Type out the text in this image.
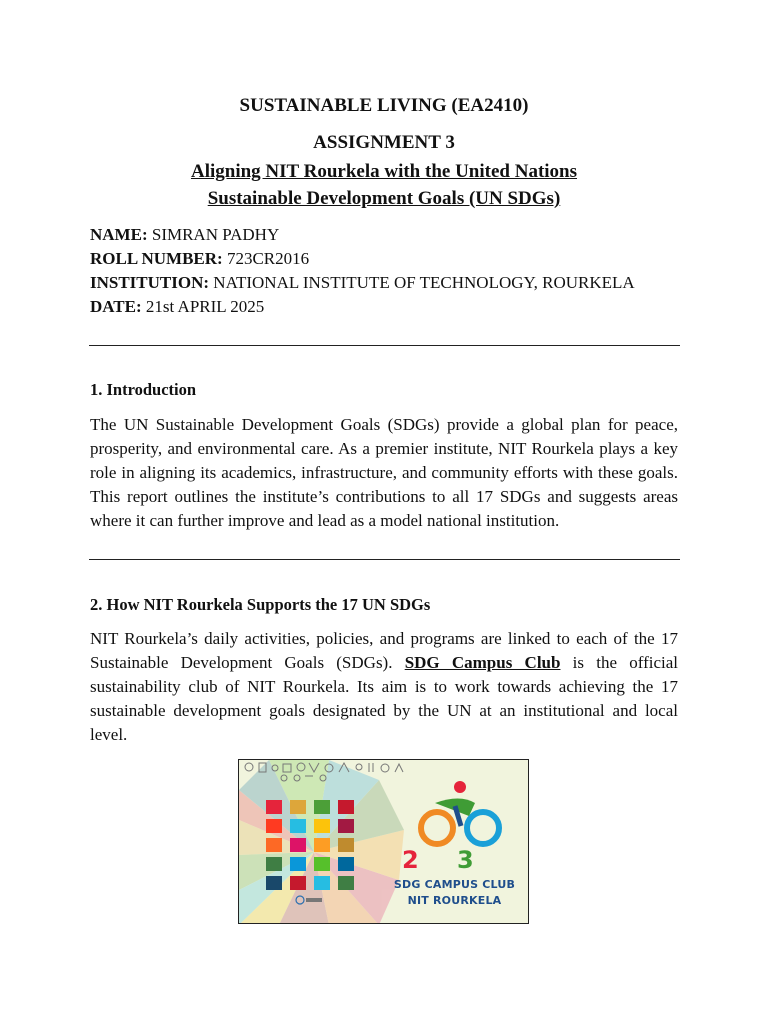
SUSTAINABLE LIVING (EA2410)
ASSIGNMENT 3
Aligning NIT Rourkela with the United Nations
Sustainable Development Goals (UN SDGs)
NAME: SIMRAN PADHY
ROLL NUMBER: 723CR2016
INSTITUTION: NATIONAL INSTITUTE OF TECHNOLOGY, ROURKELA
DATE: 21st APRIL 2025
1. Introduction
The UN Sustainable Development Goals (SDGs) provide a global plan for peace, prosperity, and environmental care. As a premier institute, NIT Rourkela plays a key role in aligning its academics, infrastructure, and community efforts with these goals. This report outlines the institute’s contributions to all 17 SDGs and suggests areas where it can further improve and lead as a model national institution.
2. How NIT Rourkela Supports the 17 UN SDGs
NIT Rourkela’s daily activities, policies, and programs are linked to each of the 17 Sustainable Development Goals (SDGs). SDG Campus Club is the official sustainability club of NIT Rourkela. Its aim is to work towards achieving the 17 sustainable development goals designated by the UN at an institutional and local level.
2 3
SDG CAMPUS CLUB
NIT ROURKELA
